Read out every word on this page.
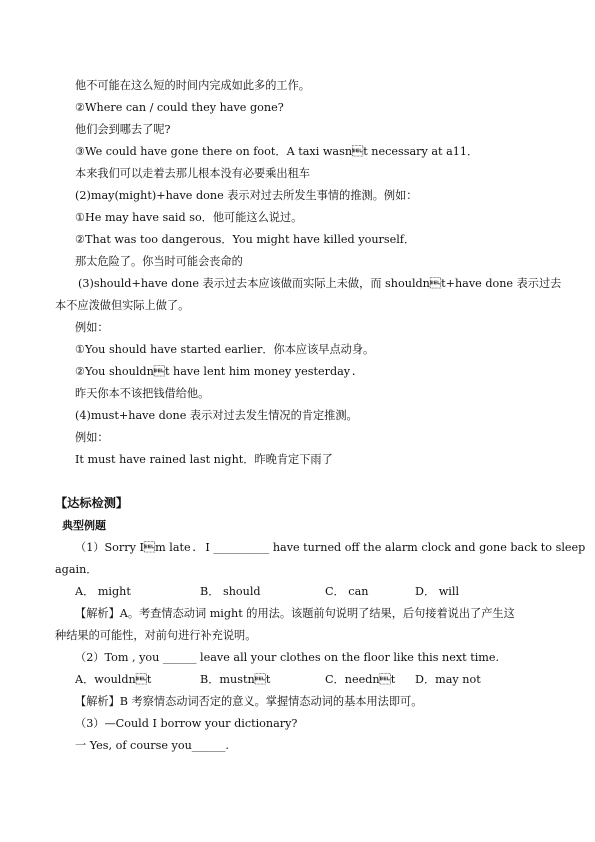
他不可能在这么短的时间内完成如此多的工作。
②Where can / could they have gone?
他们会到哪去了呢?
③We could have gone there on foot．A taxi wasnt necessary at a11．
本来我们可以走着去那儿根本没有必要乘出租车
(2)may(might)+have done 表示对过去所发生事情的推测。例如：
①He may have said so．他可能这么说过。
②That was too dangerous．You might have killed yourself．
那太危险了。你当时可能会丧命的
(3)should+have done 表示过去本应该做而实际上未做，而 shouldnt+have done 表示过去
本不应泼做但实际上做了。
例如：
①You should have started earlier．你本应该早点动身。
②You shouldnt have lent him money yesterday．
昨天你本不该把钱借给他。
(4)must+have done 表示对过去发生情况的肯定推测。
例如：
It must have rained last night．昨晚肯定下雨了
【达标检测】
典型例题
（1）Sorry Im late． I __________ have turned off the alarm clock and gone back to sleep
again．
A． might	B． should	C． can	D． will
【解析】A。考查情态动词 might 的用法。该题前句说明了结果，后句接着说出了产生这
种结果的可能性，对前句进行补充说明。
（2）Tom , you ______ leave all your clothes on the floor like this next time.
A．wouldnt	B．mustnt	C．neednt D．may not
【解析】B 考察情态动词否定的意义。掌握情态动词的基本用法即可。
（3）—Could I borrow your dictionary?
一 Yes, of course you______.
